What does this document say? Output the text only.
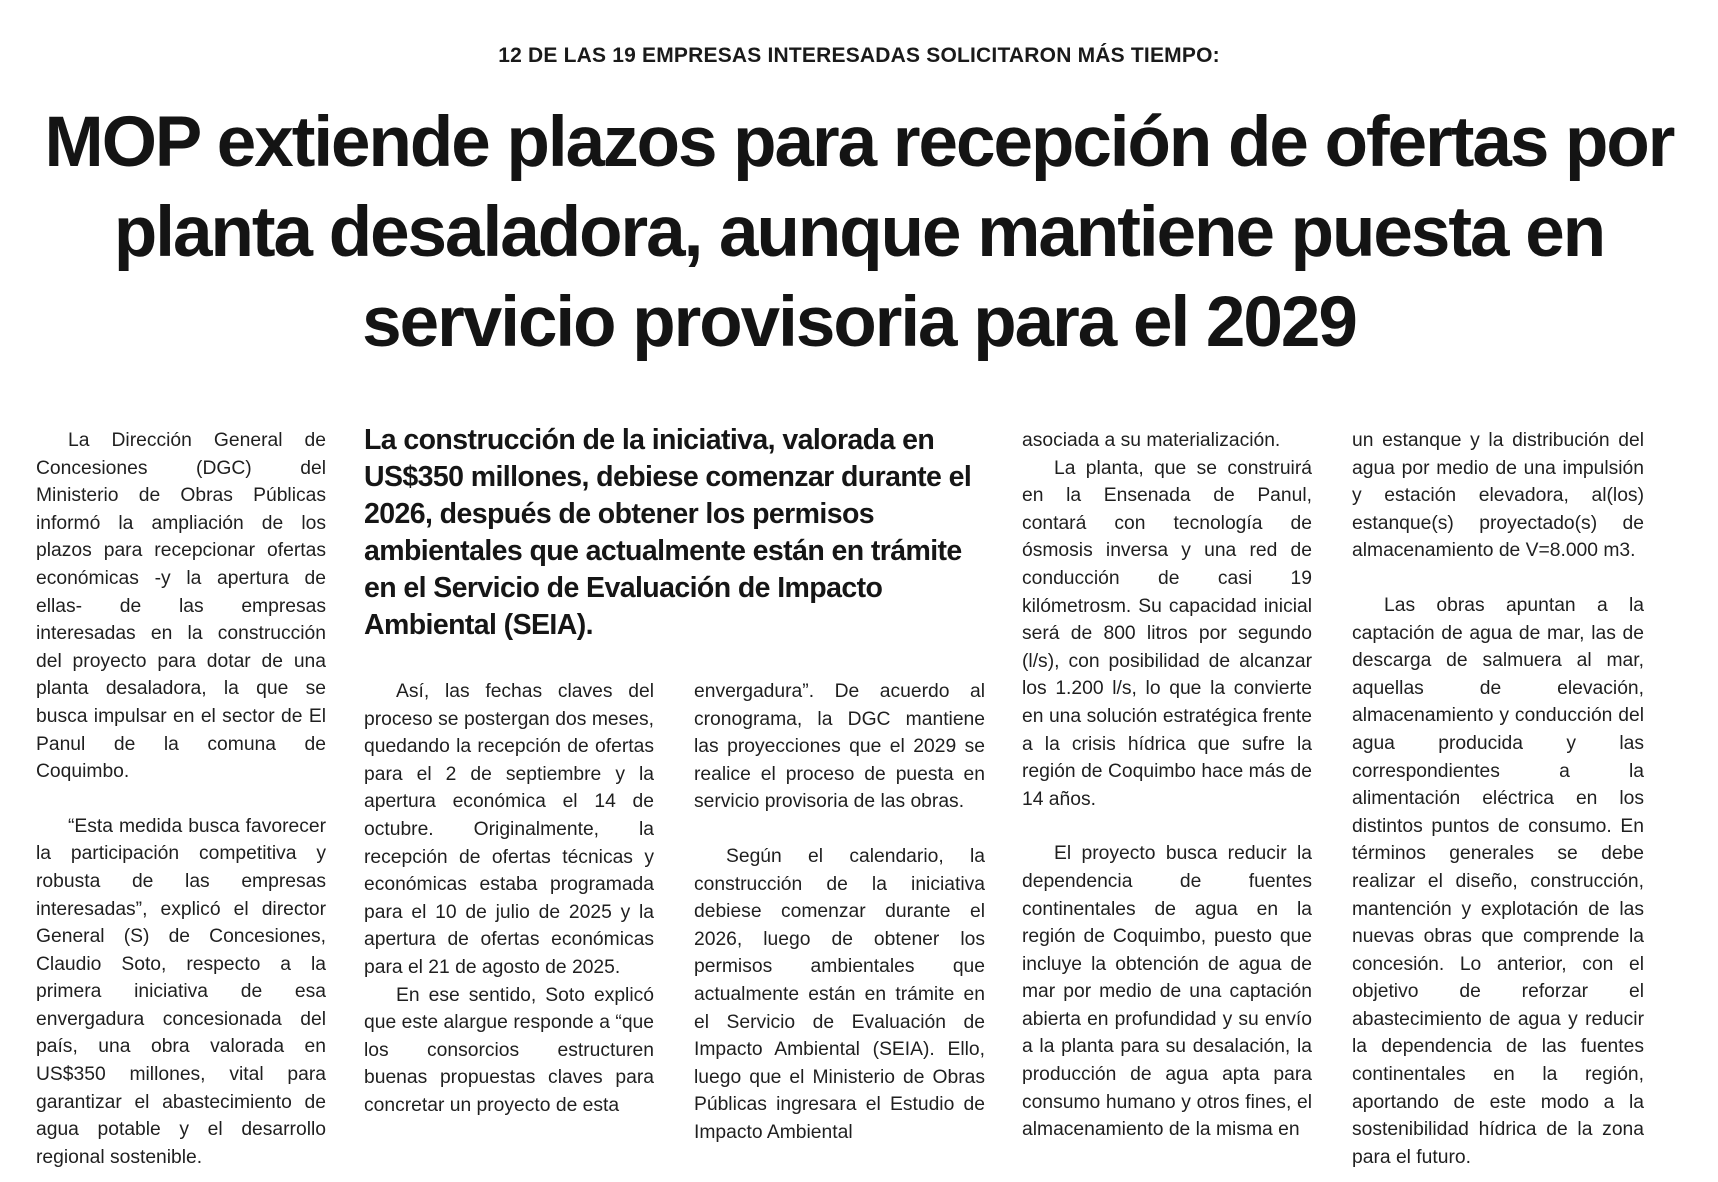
12 DE LAS 19 EMPRESAS INTERESADAS SOLICITARON MÁS TIEMPO:
MOP extiende plazos para recepción de ofertas por planta desaladora, aunque mantiene puesta en servicio provisoria para el 2029

La construcción de la iniciativa, valorada en US$350 millones, debiese comenzar durante el 2026, después de obtener los permisos ambientales que actualmente están en trámite en el Servicio de Evaluación de Impacto Ambiental (SEIA).

La Dirección General de Concesiones (DGC) del Ministerio de Obras Públicas informó la ampliación de los plazos para recepcionar ofertas económicas -y la apertura de ellas- de las empresas interesadas en la construcción del proyecto para dotar de una planta desaladora, la que se busca impulsar en el sector de El Panul de la comuna de Coquimbo.

“Esta medida busca favorecer la participación competitiva y robusta de las empresas interesadas”, explicó el director General (S) de Concesiones, Claudio Soto, respecto a la primera iniciativa de esa envergadura concesionada del país, una obra valorada en US$350 millones, vital para garantizar el abastecimiento de agua potable y el desarrollo regional sostenible.

Así, las fechas claves del proceso se postergan dos meses, quedando la recepción de ofertas para el 2 de septiembre y la apertura económica el 14 de octubre. Originalmente, la recepción de ofertas técnicas y económicas estaba programada para el 10 de julio de 2025 y la apertura de ofertas económicas para el 21 de agosto de 2025.

En ese sentido, Soto explicó que este alargue responde a “que los consorcios estructuren buenas propuestas claves para concretar un proyecto de esta

envergadura”. De acuerdo al cronograma, la DGC mantiene las proyecciones que el 2029 se realice el proceso de puesta en servicio provisoria de las obras.

Según el calendario, la construcción de la iniciativa debiese comenzar durante el 2026, luego de obtener los permisos ambientales que actualmente están en trámite en el Servicio de Evaluación de Impacto Ambiental (SEIA). Ello, luego que el Ministerio de Obras Públicas ingresara el Estudio de Impacto Ambiental

asociada a su materialización.

La planta, que se construirá en la Ensenada de Panul, contará con tecnología de ósmosis inversa y una red de conducción de casi 19 kilómetrosm. Su capacidad inicial será de 800 litros por segundo (l/s), con posibilidad de alcanzar los 1.200 l/s, lo que la convierte en una solución estratégica frente a la crisis hídrica que sufre la región de Coquimbo hace más de 14 años.

El proyecto busca reducir la dependencia de fuentes continentales de agua en la región de Coquimbo, puesto que incluye la obtención de agua de mar por medio de una captación abierta en profundidad y su envío a la planta para su desalación, la producción de agua apta para consumo humano y otros fines, el almacenamiento de la misma en

un estanque y la distribución del agua por medio de una impulsión y estación elevadora, al(los) estanque(s) proyectado(s) de almacenamiento de V=8.000 m3.

Las obras apuntan a la captación de agua de mar, las de descarga de salmuera al mar, aquellas de elevación, almacenamiento y conducción del agua producida y las correspondientes a la alimentación eléctrica en los distintos puntos de consumo. En términos generales se debe realizar el diseño, construcción, mantención y explotación de las nuevas obras que comprende la concesión. Lo anterior, con el objetivo de reforzar el abastecimiento de agua y reducir la dependencia de las fuentes continentales en la región, aportando de este modo a la sostenibilidad hídrica de la zona para el futuro.
